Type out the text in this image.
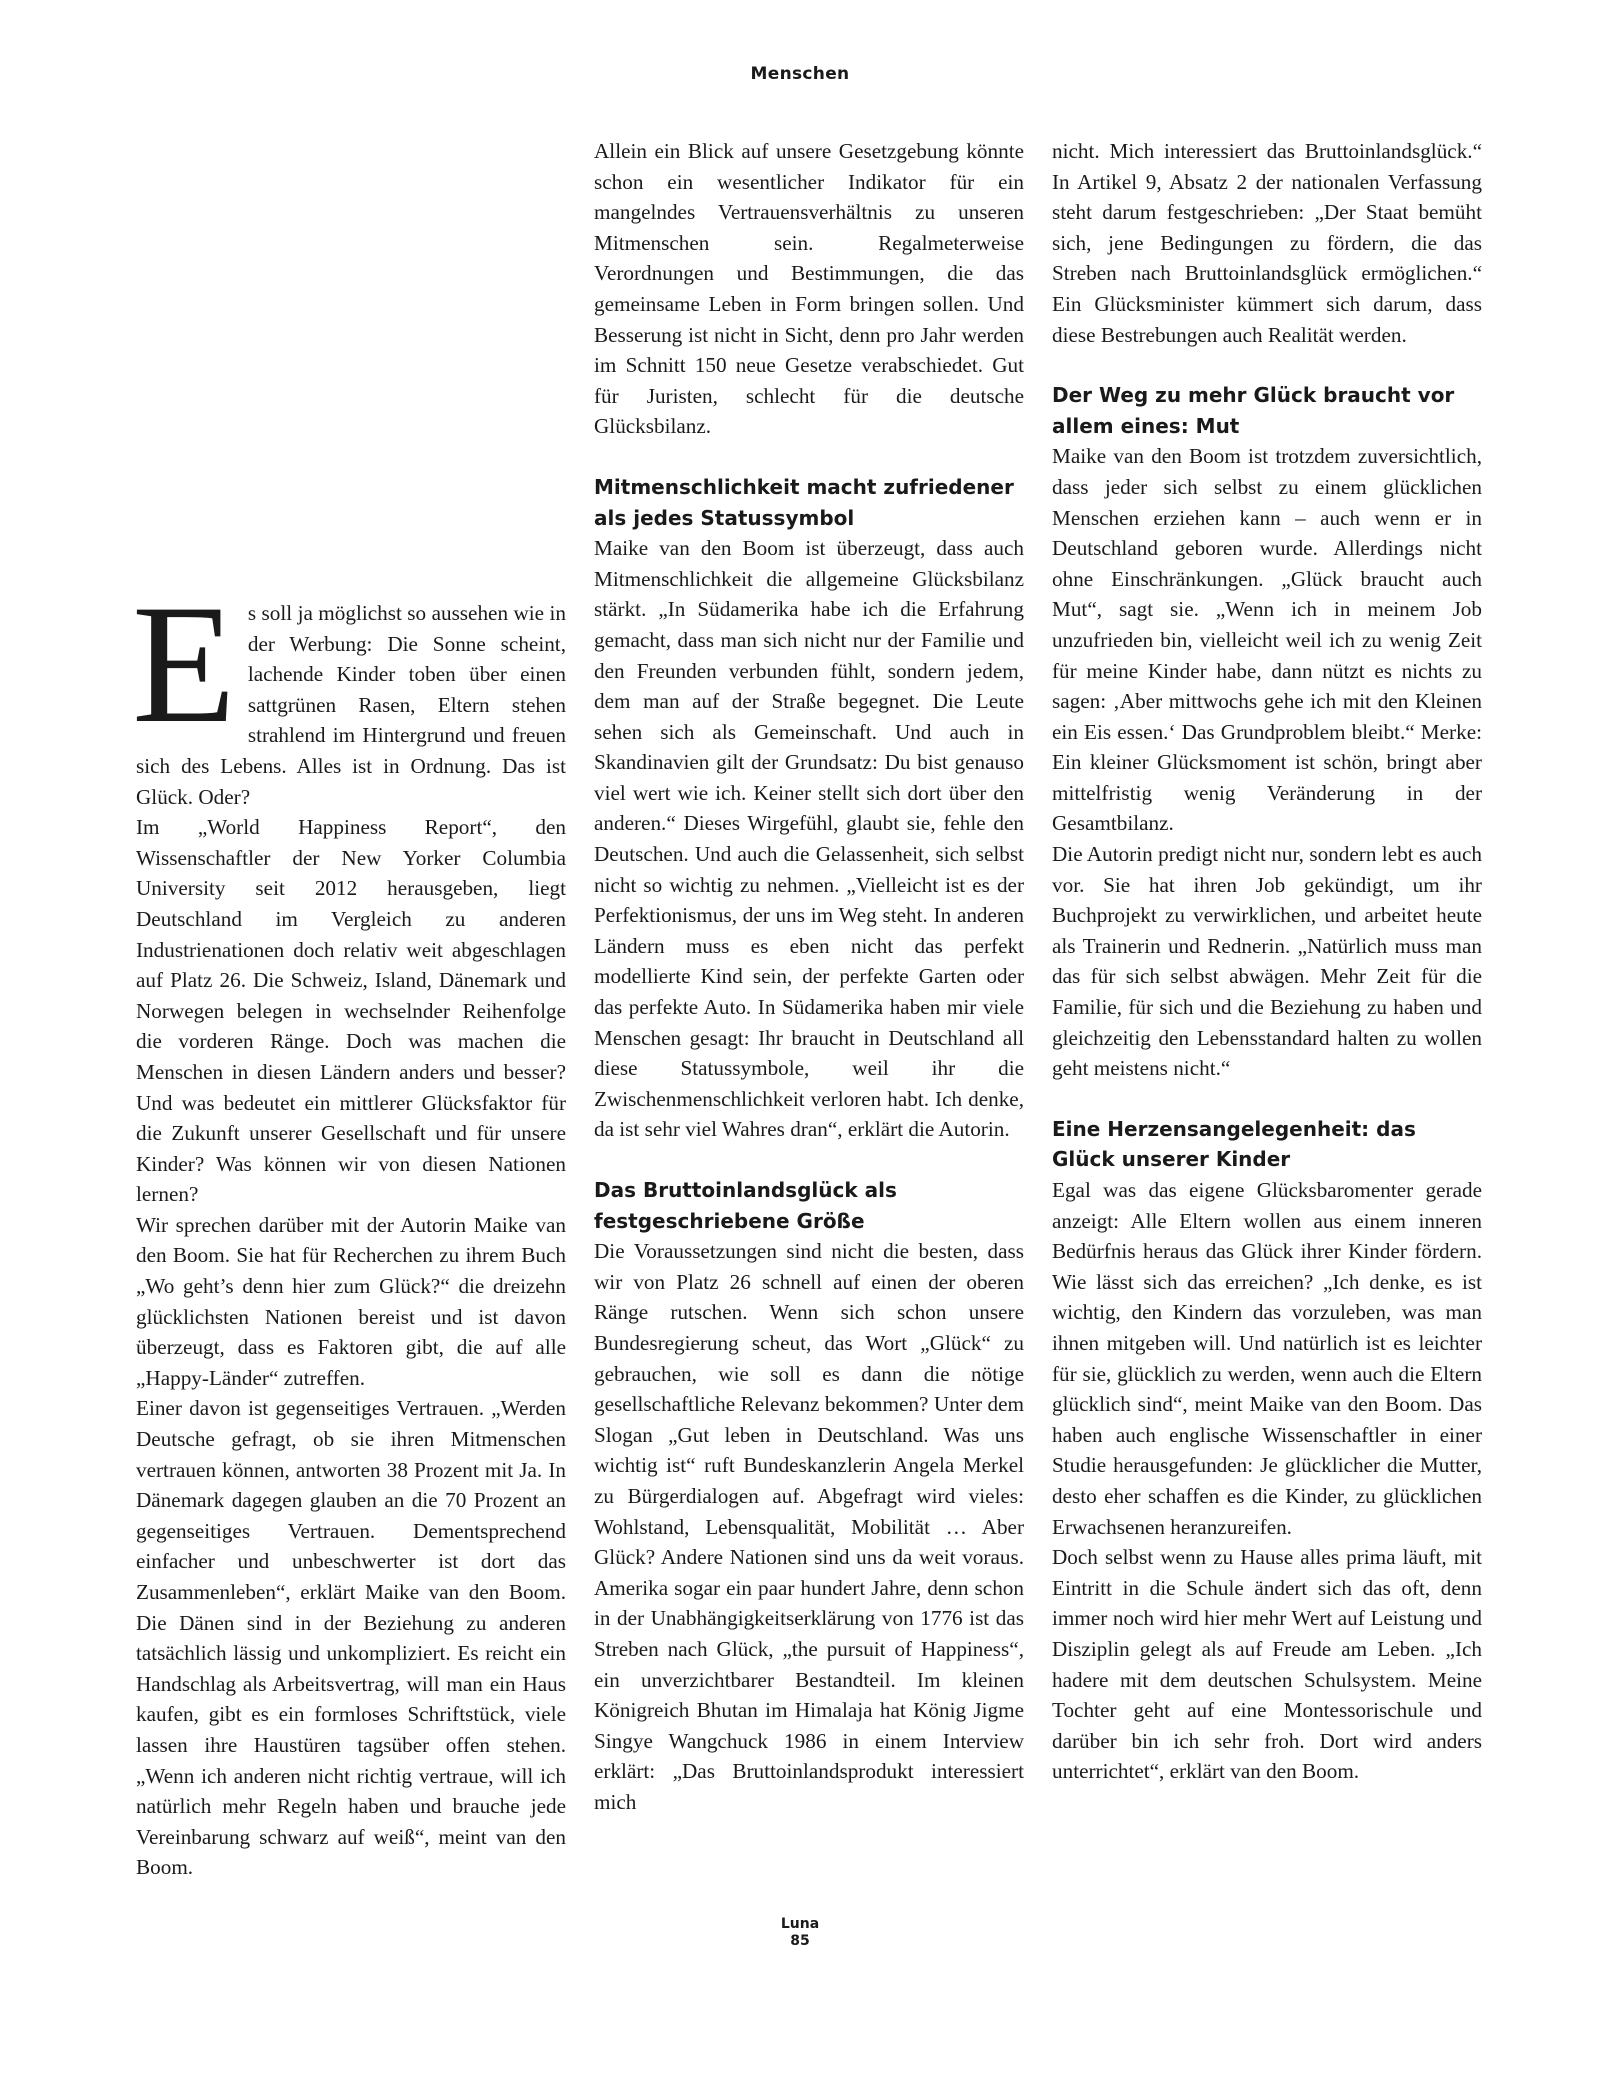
Menschen
E s soll ja möglichst so aussehen wie in der Werbung: Die Sonne scheint, lachende Kinder toben über einen sattgrünen Rasen, Eltern stehen strahlend im Hintergrund und freuen sich des Lebens. Alles ist in Ordnung. Das ist Glück. Oder?

Im „World Happiness Report“, den Wissenschaftler der New Yorker Columbia University seit 2012 herausgeben, liegt Deutschland im Vergleich zu anderen Industrienationen doch relativ weit abgeschlagen auf Platz 26. Die Schweiz, Island, Dänemark und Norwegen belegen in wechselnder Reihenfolge die vorderen Ränge. Doch was machen die Menschen in diesen Ländern anders und besser? Und was bedeutet ein mittlerer Glücksfaktor für die Zukunft unserer Gesellschaft und für unsere Kinder? Was können wir von diesen Nationen lernen?

Wir sprechen darüber mit der Autorin Maike van den Boom. Sie hat für Recherchen zu ihrem Buch „Wo geht’s denn hier zum Glück?“ die dreizehn glücklichsten Nationen bereist und ist davon überzeugt, dass es Faktoren gibt, die auf alle „Happy-Länder“ zutreffen.

Einer davon ist gegenseitiges Vertrauen. „Werden Deutsche gefragt, ob sie ihren Mitmenschen vertrauen können, antworten 38 Prozent mit Ja. In Dänemark dagegen glauben an die 70 Prozent an gegenseitiges Vertrauen. Dementsprechend einfacher und unbeschwerter ist dort das Zusammenleben“, erklärt Maike van den Boom. Die Dänen sind in der Beziehung zu anderen tatsächlich lässig und unkompliziert. Es reicht ein Handschlag als Arbeitsvertrag, will man ein Haus kaufen, gibt es ein formloses Schriftstück, viele lassen ihre Haustüren tagsüber offen stehen. „Wenn ich anderen nicht richtig vertraue, will ich natürlich mehr Regeln haben und brauche jede Vereinbarung schwarz auf weiß“, meint van den Boom.

Allein ein Blick auf unsere Gesetzgebung könnte schon ein wesentlicher Indikator für ein mangelndes Vertrauensverhältnis zu unseren Mitmenschen sein. Regalmeterweise Verordnungen und Bestimmungen, die das gemeinsame Leben in Form bringen sollen. Und Besserung ist nicht in Sicht, denn pro Jahr werden im Schnitt 150 neue Gesetze verabschiedet. Gut für Juristen, schlecht für die deutsche Glücksbilanz.

Mitmenschlichkeit macht zufriedener als jedes Statussymbol

Maike van den Boom ist überzeugt, dass auch Mitmenschlichkeit die allgemeine Glücksbilanz stärkt. „In Südamerika habe ich die Erfahrung gemacht, dass man sich nicht nur der Familie und den Freunden verbunden fühlt, sondern jedem, dem man auf der Straße begegnet. Die Leute sehen sich als Gemeinschaft. Und auch in Skandinavien gilt der Grundsatz: Du bist genauso viel wert wie ich. Keiner stellt sich dort über den anderen.“ Dieses Wirgefühl, glaubt sie, fehle den Deutschen. Und auch die Gelassenheit, sich selbst nicht so wichtig zu nehmen. „Vielleicht ist es der Perfektionismus, der uns im Weg steht. In anderen Ländern muss es eben nicht das perfekt modellierte Kind sein, der perfekte Garten oder das perfekte Auto. In Südamerika haben mir viele Menschen gesagt: Ihr braucht in Deutschland all diese Statussymbole, weil ihr die Zwischenmenschlichkeit verloren habt. Ich denke, da ist sehr viel Wahres dran“, erklärt die Autorin.

Das Bruttoinlandsglück als festgeschriebene Größe

Die Voraussetzungen sind nicht die besten, dass wir von Platz 26 schnell auf einen der oberen Ränge rutschen. Wenn sich schon unsere Bundesregierung scheut, das Wort „Glück“ zu gebrauchen, wie soll es dann die nötige gesellschaftliche Relevanz bekommen? Unter dem Slogan „Gut leben in Deutschland. Was uns wichtig ist“ ruft Bundeskanzlerin Angela Merkel zu Bürgerdialogen auf. Abgefragt wird vieles: Wohlstand, Lebensqualität, Mobilität … Aber Glück? Andere Nationen sind uns da weit voraus. Amerika sogar ein paar hundert Jahre, denn schon in der Unabhängigkeitserklärung von 1776 ist das Streben nach Glück, „the pursuit of Happiness“, ein unverzichtbarer Bestandteil. Im kleinen Königreich Bhutan im Himalaja hat König Jigme Singye Wangchuck 1986 in einem Interview erklärt: „Das Bruttoinlandsprodukt interessiert mich

nicht. Mich interessiert das Bruttoinlandsglück.“ In Artikel 9, Absatz 2 der nationalen Verfassung steht darum festgeschrieben: „Der Staat bemüht sich, jene Bedingungen zu fördern, die das Streben nach Bruttoinlandsglück ermöglichen.“ Ein Glücksminister kümmert sich darum, dass diese Bestrebungen auch Realität werden.

Der Weg zu mehr Glück braucht vor allem eines: Mut

Maike van den Boom ist trotzdem zuversichtlich, dass jeder sich selbst zu einem glücklichen Menschen erziehen kann – auch wenn er in Deutschland geboren wurde. Allerdings nicht ohne Einschränkungen. „Glück braucht auch Mut“, sagt sie. „Wenn ich in meinem Job unzufrieden bin, vielleicht weil ich zu wenig Zeit für meine Kinder habe, dann nützt es nichts zu sagen: ‚Aber mittwochs gehe ich mit den Kleinen ein Eis essen.‘ Das Grundproblem bleibt.“ Merke: Ein kleiner Glücksmoment ist schön, bringt aber mittelfristig wenig Veränderung in der Gesamtbilanz.

Die Autorin predigt nicht nur, sondern lebt es auch vor. Sie hat ihren Job gekündigt, um ihr Buchprojekt zu verwirklichen, und arbeitet heute als Trainerin und Rednerin. „Natürlich muss man das für sich selbst abwägen. Mehr Zeit für die Familie, für sich und die Beziehung zu haben und gleichzeitig den Lebensstandard halten zu wollen geht meistens nicht.“

Eine Herzensangelegenheit: das Glück unserer Kinder

Egal was das eigene Glücksbaromenter gerade anzeigt: Alle Eltern wollen aus einem inneren Bedürfnis heraus das Glück ihrer Kinder fördern. Wie lässt sich das erreichen? „Ich denke, es ist wichtig, den Kindern das vorzuleben, was man ihnen mitgeben will. Und natürlich ist es leichter für sie, glücklich zu werden, wenn auch die Eltern glücklich sind“, meint Maike van den Boom. Das haben auch englische Wissenschaftler in einer Studie herausgefunden: Je glücklicher die Mutter, desto eher schaffen es die Kinder, zu glücklichen Erwachsenen heranzureifen.

Doch selbst wenn zu Hause alles prima läuft, mit Eintritt in die Schule ändert sich das oft, denn immer noch wird hier mehr Wert auf Leistung und Disziplin gelegt als auf Freude am Leben. „Ich hadere mit dem deutschen Schulsystem. Meine Tochter geht auf eine Montessorischule und darüber bin ich sehr froh. Dort wird anders unterrichtet“, erklärt van den Boom.

Luna
85
